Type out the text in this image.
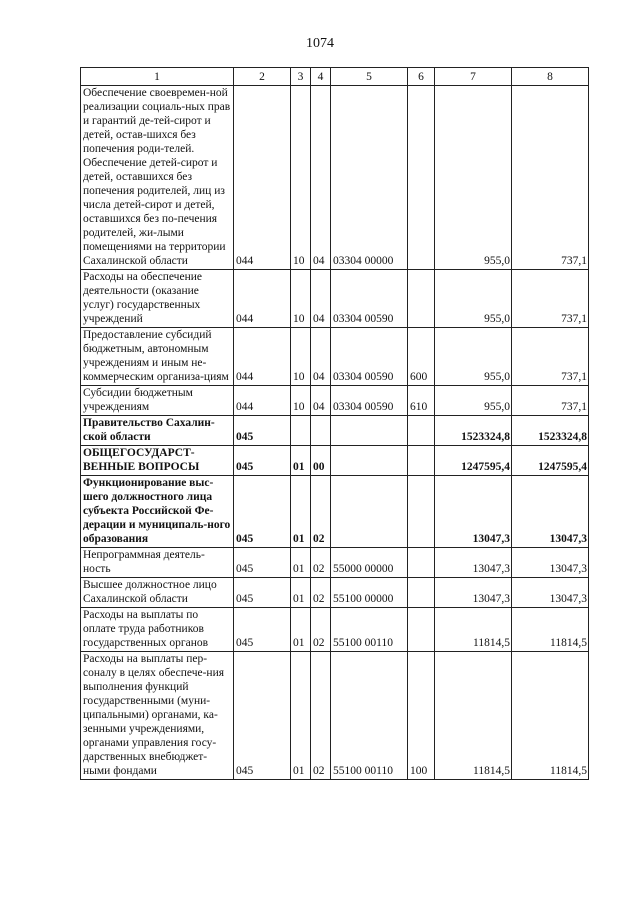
1074
1	2	3	4	5	6	7	8
Обеспечение своевремен-ной реализации социаль-ных прав и гарантий де-тей-сирот и детей, остав-шихся без попечения роди-телей. Обеспечение детей-сирот и детей, оставшихся без попечения родителей, лиц из числа детей-сирот и детей, оставшихся без по-печения родителей, жи-лыми помещениями на территории Сахалинской области	044	10	04	03304 00000		955,0	737,1
Расходы на обеспечение деятельности (оказание услуг) государственных учреждений	044	10	04	03304 00590		955,0	737,1
Предоставление субсидий бюджетным, автономным учреждениям и иным не-коммерческим организа-циям	044	10	04	03304 00590	600	955,0	737,1
Субсидии бюджетным учреждениям	044	10	04	03304 00590	610	955,0	737,1
Правительство Сахалин-ской области	045					1523324,8	1523324,8
ОБЩЕГОСУДАРСТ-ВЕННЫЕ ВОПРОСЫ	045	01	00			1247595,4	1247595,4
Функционирование выс-шего должностного лица субъекта Российской Фе-дерации и муниципаль-ного образования	045	01	02			13047,3	13047,3
Непрограммная деятель-ность	045	01	02	55000 00000		13047,3	13047,3
Высшее должностное лицо Сахалинской области	045	01	02	55100 00000		13047,3	13047,3
Расходы на выплаты по оплате труда работников государственных органов	045	01	02	55100 00110		11814,5	11814,5
Расходы на выплаты пер-соналу в целях обеспече-ния выполнения функций государственными (муни-ципальными) органами, ка-зенными учреждениями, органами управления госу-дарственных внебюджет-ными фондами	045	01	02	55100 00110	100	11814,5	11814,5
